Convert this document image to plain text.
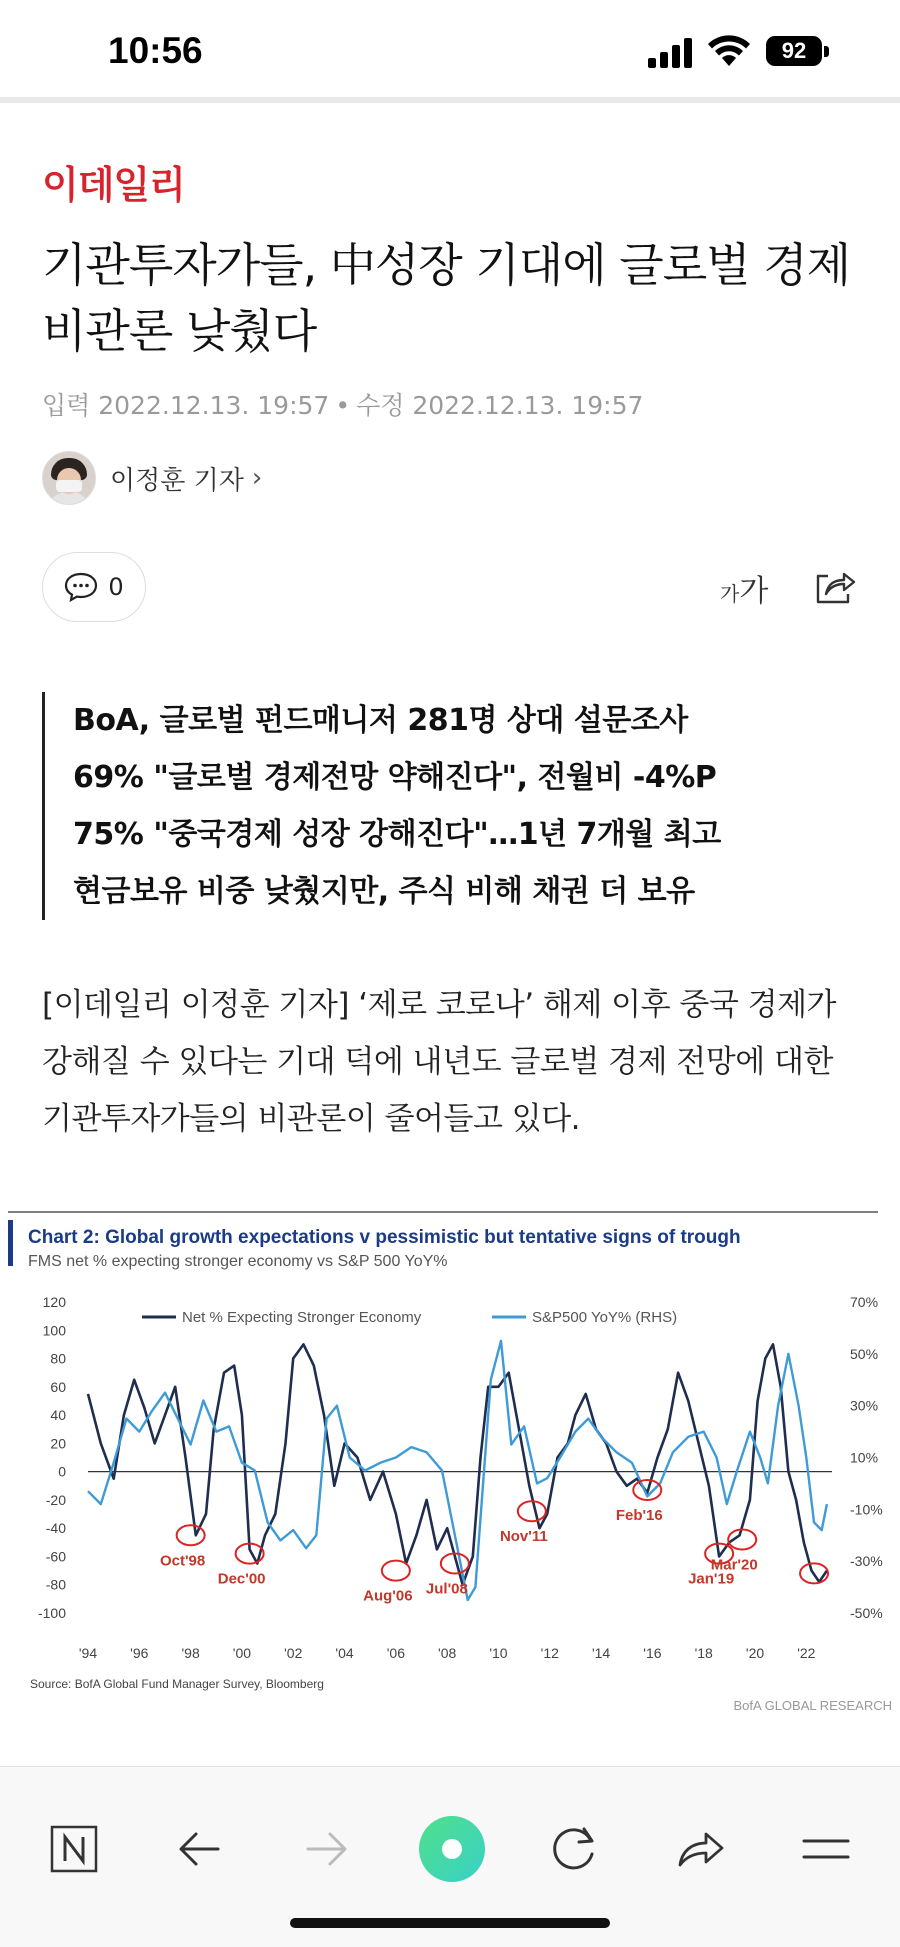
10:56	92
이데일리
기관투자가들, 中성장 기대에 글로벌 경제 비관론 낮췄다
입력 2022.12.13. 19:57 • 수정 2022.12.13. 19:57
이정훈 기자 ›
0	가가
BoA, 글로벌 펀드매니저 281명 상대 설문조사
69% "글로벌 경제전망 약해진다", 전월비 -4%P
75% "중국경제 성장 강해진다"…1년 7개월 최고
현금보유 비중 낮췄지만, 주식 비해 채권 더 보유
[이데일리 이정훈 기자] ‘제로 코로나’ 해제 이후 중국 경제가 강해질 수 있다는 기대 덕에 내년도 글로벌 경제 전망에 대한 기관투자가들의 비관론이 줄어들고 있다.
Chart 2: Global growth expectations v pessimistic but tentative signs of trough
FMS net % expecting stronger economy vs S&P 500 YoY%
120
100
80
60
40
20
0
-20
-40
-60
-80
-100
70%
50%
30%
10%
-10%
-30%
-50%
'94 '96 '98 '00 '02 '04 '06 '08 '10 '12 '14 '16 '18 '20 '22
Oct'98
Dec'00
Aug'06 Jul'08
Nov'11
Feb'16
Jan'19
Mar'20
Net % Expecting Stronger Economy	S&P500 YoY% (RHS)
Source: BofA Global Fund Manager Survey, Bloomberg
BofA GLOBAL RESEARCH
